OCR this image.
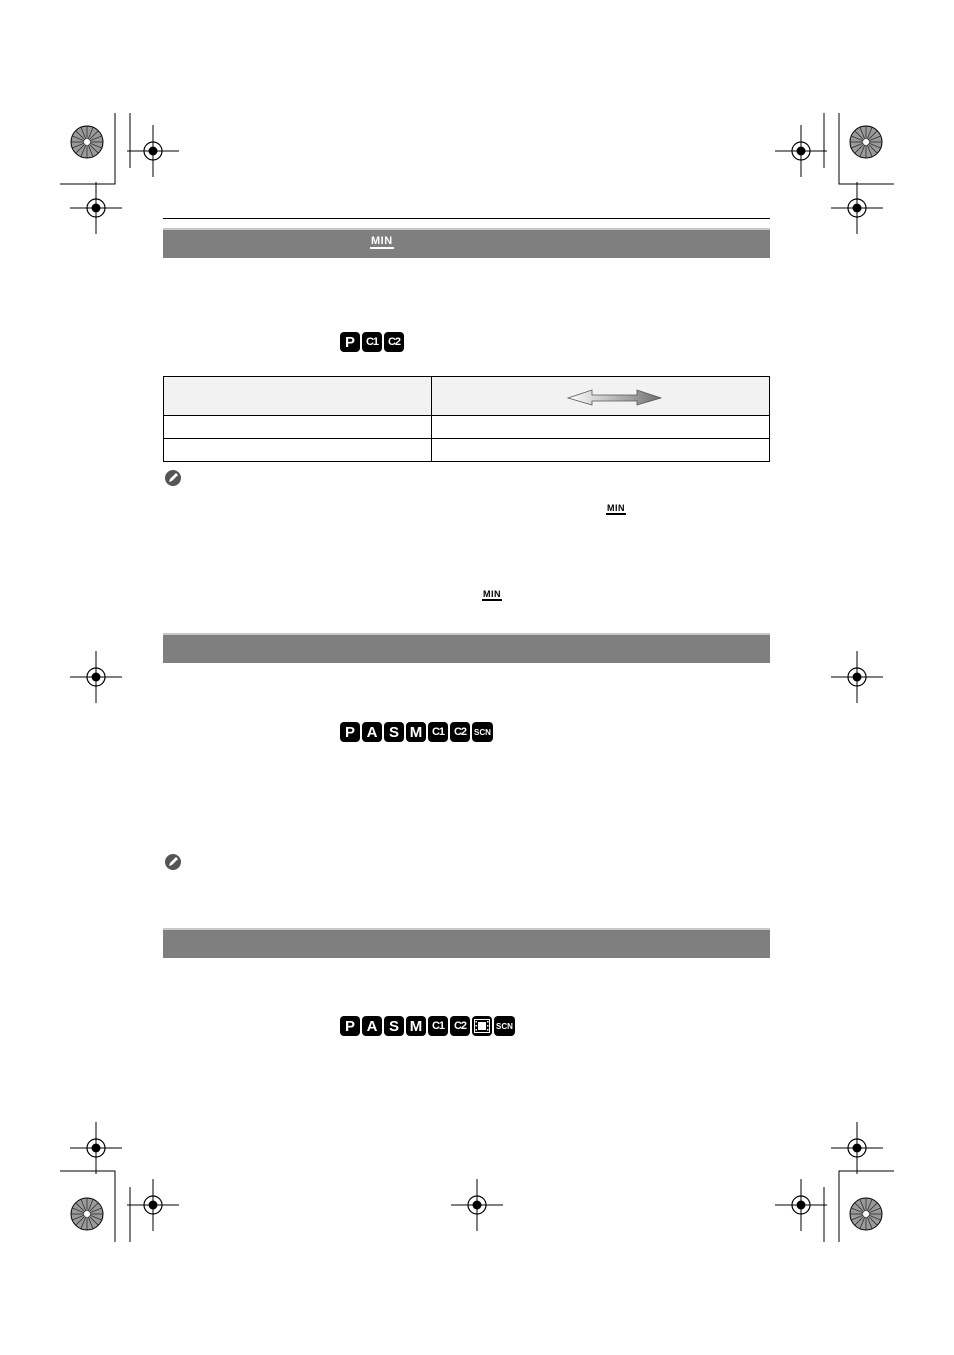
MIN
P C1 C2

MIN
MIN
P A S M C1 C2 SCN
P A S M C1 C2	SCN
